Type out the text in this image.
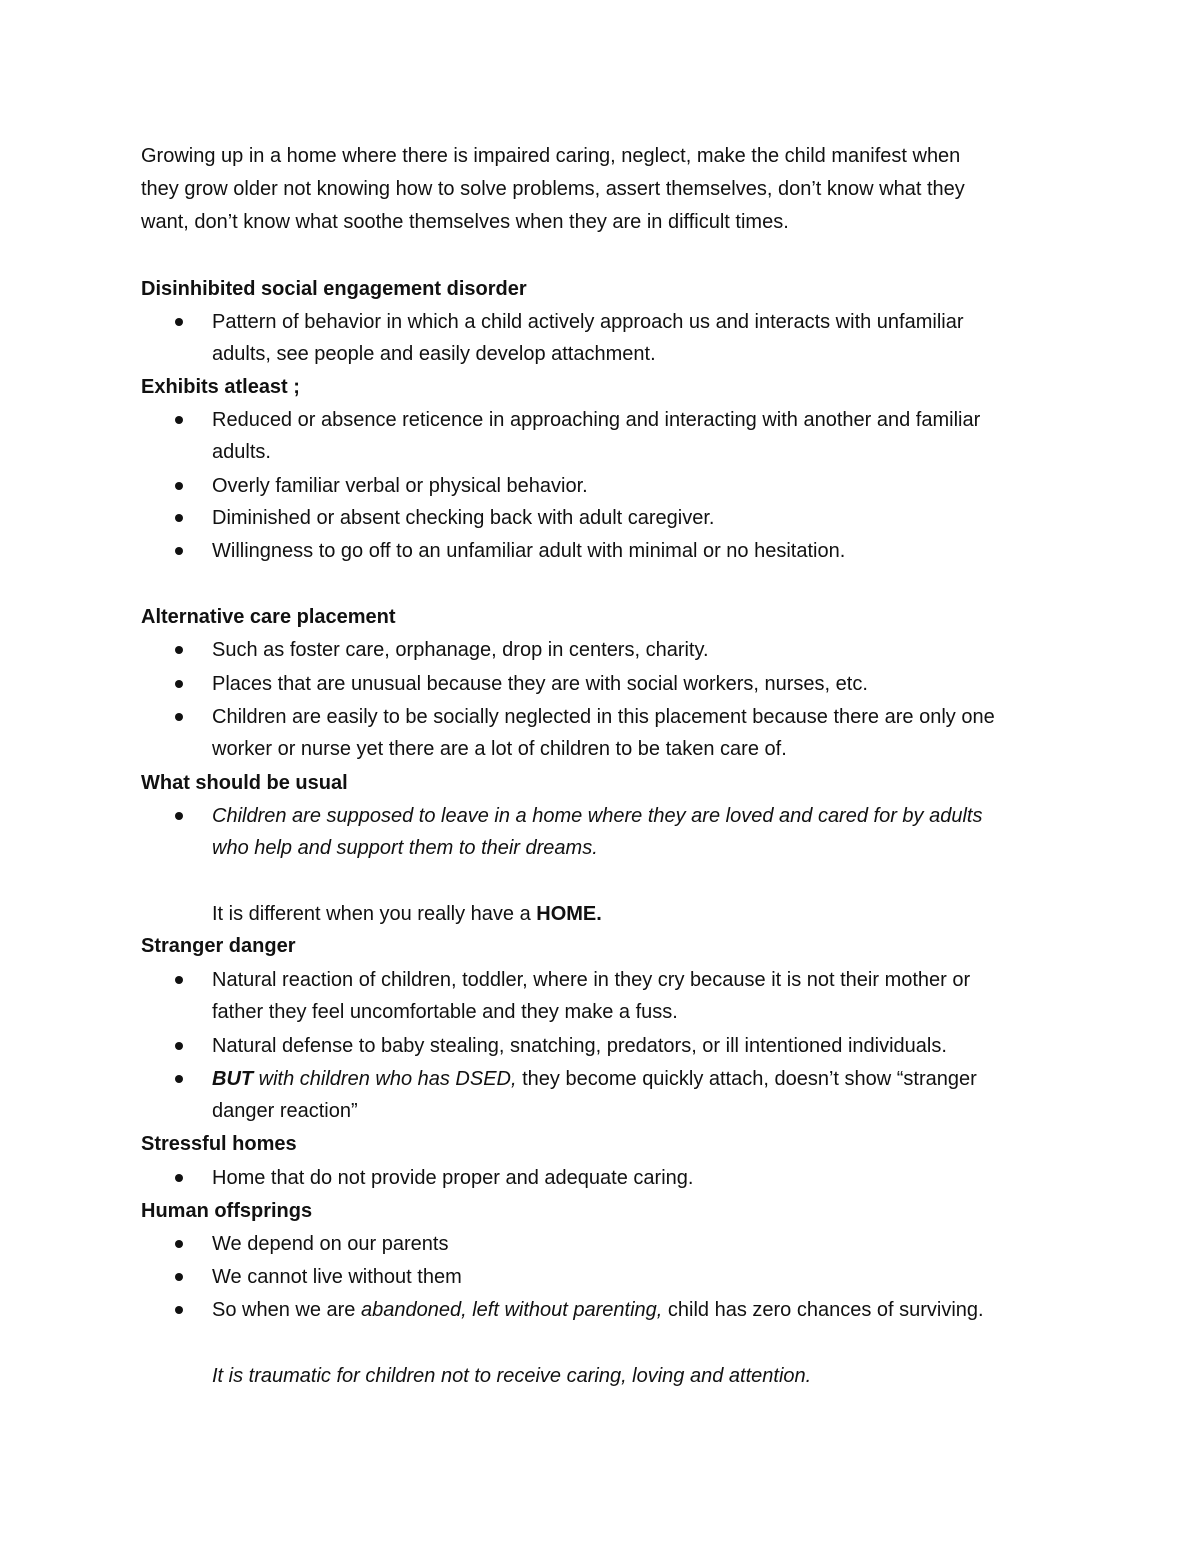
Growing up in a home where there is impaired caring, neglect, make the child manifest when

they grow older not knowing how to solve problems, assert themselves, don’t know what they

want, don’t know what soothe themselves when they are in difficult times.

Disinhibited social engagement disorder

Pattern of behavior in which a child actively approach us and interacts with unfamiliar

adults, see people and easily develop attachment.

Exhibits atleast ;

Reduced or absence reticence in approaching and interacting with another and familiar

adults.

Overly familiar verbal or physical behavior.

Diminished or absent checking back with adult caregiver.

Willingness to go off to an unfamiliar adult with minimal or no hesitation.

Alternative care placement

Such as foster care, orphanage, drop in centers, charity.

Places that are unusual because they are with social workers, nurses, etc.

Children are easily to be socially neglected in this placement because there are only one

worker or nurse yet there are a lot of children to be taken care of.

What should be usual

Children are supposed to leave in a home where they are loved and cared for by adults

who help and support them to their dreams.

It is different when you really have a HOME.

Stranger danger

Natural reaction of children, toddler, where in they cry because it is not their mother or

father they feel uncomfortable and they make a fuss.

Natural defense to baby stealing, snatching, predators, or ill intentioned individuals.

BUT with children who has DSED, they become quickly attach, doesn’t show “stranger

danger reaction”

Stressful homes

Home that do not provide proper and adequate caring.

Human offsprings

We depend on our parents

We cannot live without them

So when we are abandoned, left without parenting, child has zero chances of surviving.

It is traumatic for children not to receive caring, loving and attention.
